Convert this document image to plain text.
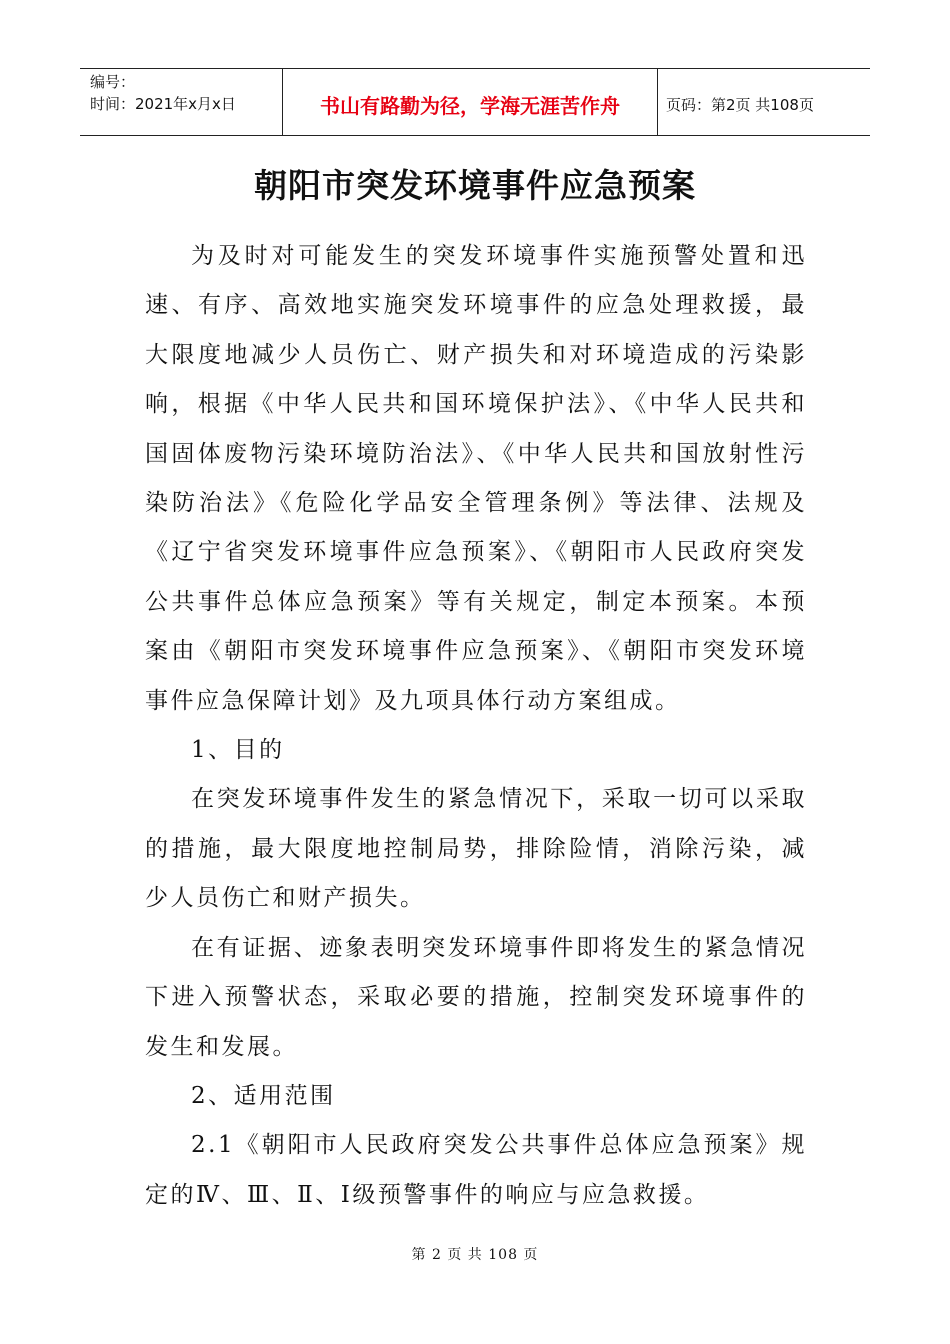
编号：
时间：2021年x月x日	书山有路勤为径，学海无涯苦作舟	页码：第2页 共108页
朝阳市突发环境事件应急预案

为及时对可能发生的突发环境事件实施预警处置和迅速、有序、高效地实施突发环境事件的应急处理救援，最大限度地减少人员伤亡、财产损失和对环境造成的污染影响，根据《中华人民共和国环境保护法》、《中华人民共和国固体废物污染环境防治法》、《中华人民共和国放射性污染防治法》《危险化学品安全管理条例》等法律、法规及《辽宁省突发环境事件应急预案》、《朝阳市人民政府突发公共事件总体应急预案》等有关规定，制定本预案。本预案由《朝阳市突发环境事件应急预案》、《朝阳市突发环境事件应急保障计划》及九项具体行动方案组成。

1、目的

在突发环境事件发生的紧急情况下，采取一切可以采取的措施，最大限度地控制局势，排除险情，消除污染，减少人员伤亡和财产损失。

在有证据、迹象表明突发环境事件即将发生的紧急情况下进入预警状态，采取必要的措施，控制突发环境事件的发生和发展。

2、适用范围

2.1《朝阳市人民政府突发公共事件总体应急预案》规定的Ⅳ、Ⅲ、Ⅱ、Ⅰ级预警事件的响应与应急救援。

第 2 页 共 108 页
